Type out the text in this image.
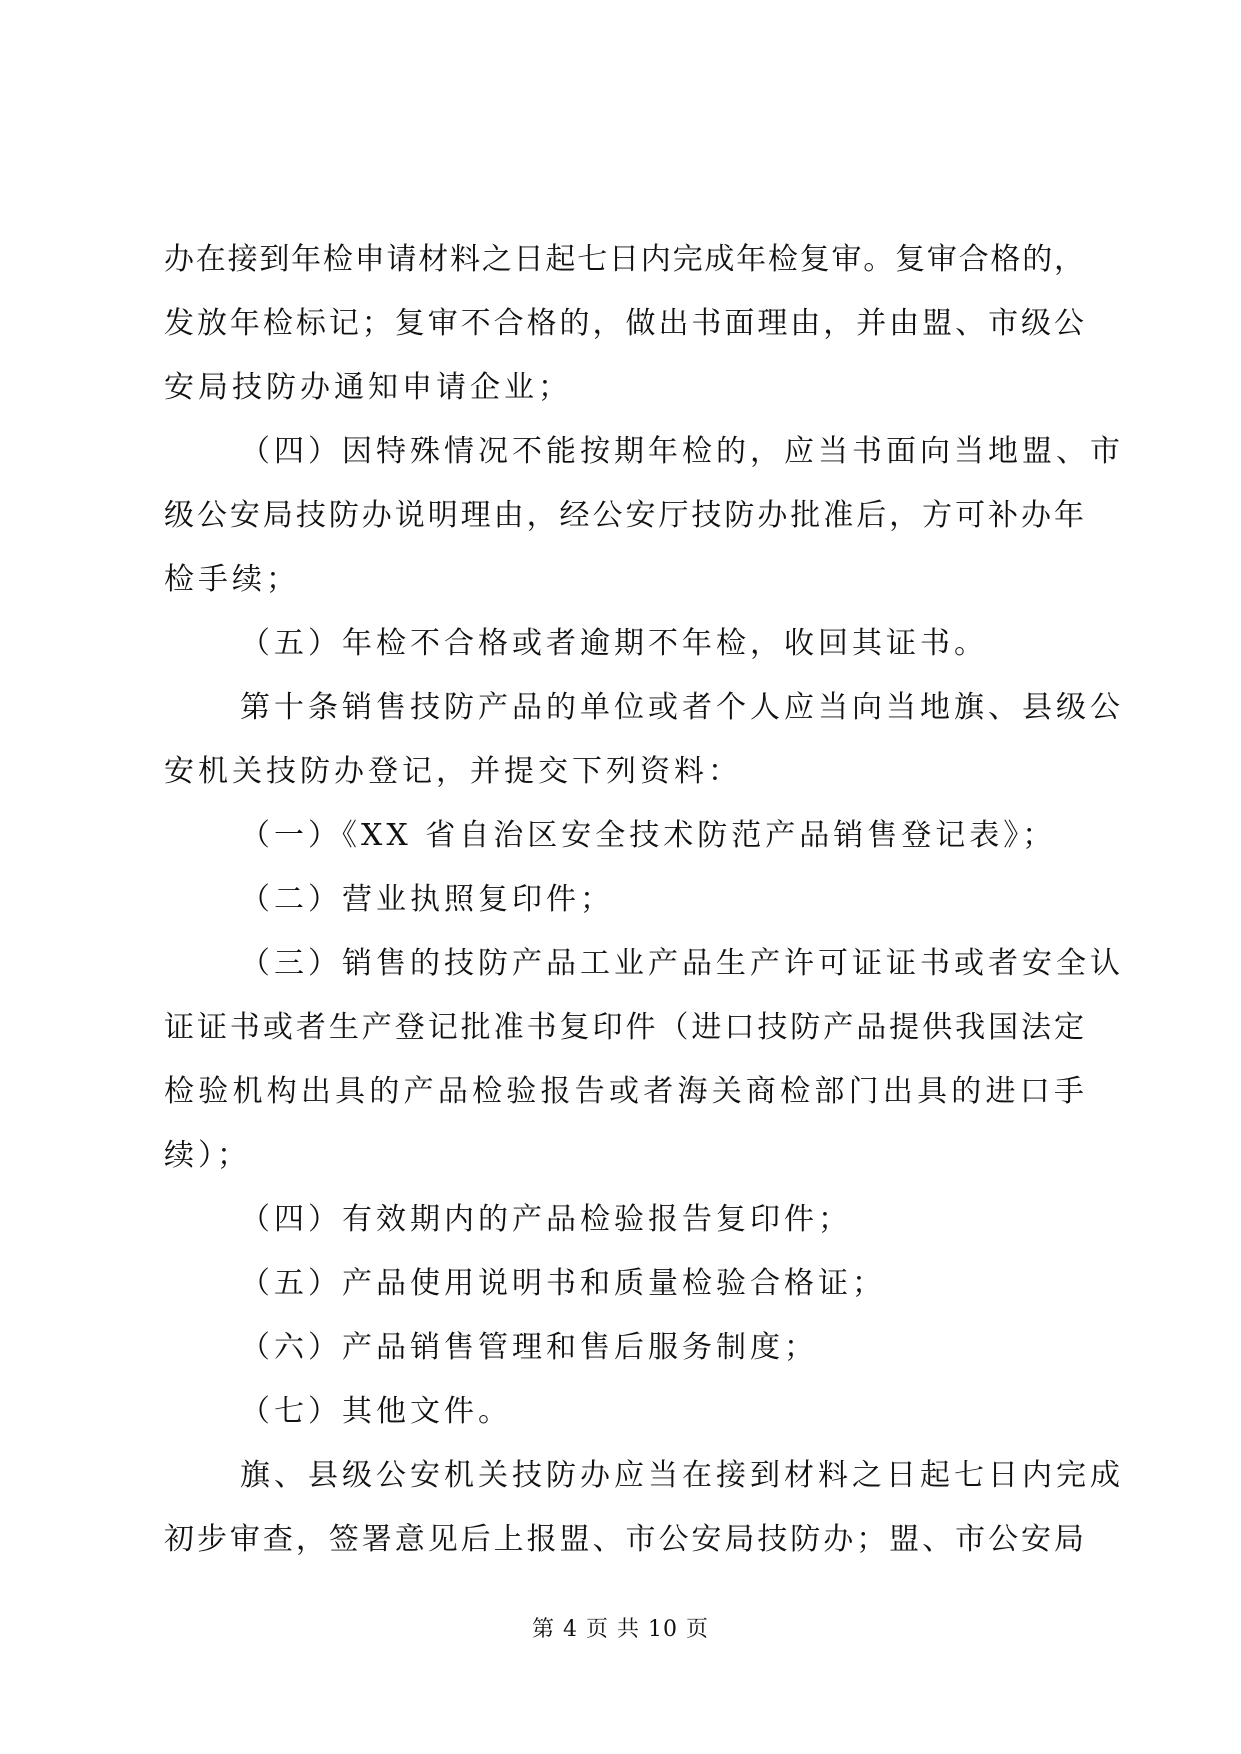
办在接到年检申请材料之日起七日内完成年检复审。复审合格的，
发放年检标记；复审不合格的，做出书面理由，并由盟、市级公
安局技防办通知申请企业；
（四）因特殊情况不能按期年检的，应当书面向当地盟、市
级公安局技防办说明理由，经公安厅技防办批准后，方可补办年
检手续；
（五）年检不合格或者逾期不年检，收回其证书。
第十条销售技防产品的单位或者个人应当向当地旗、县级公
安机关技防办登记，并提交下列资料：
（一）《XX 省自治区安全技术防范产品销售登记表》；
（二）营业执照复印件；
（三）销售的技防产品工业产品生产许可证证书或者安全认
证证书或者生产登记批准书复印件（进口技防产品提供我国法定
检验机构出具的产品检验报告或者海关商检部门出具的进口手
续）；
（四）有效期内的产品检验报告复印件；
（五）产品使用说明书和质量检验合格证；
（六）产品销售管理和售后服务制度；
（七）其他文件。
旗、县级公安机关技防办应当在接到材料之日起七日内完成
初步审查，签署意见后上报盟、市公安局技防办；盟、市公安局
第 4 页 共 10 页
